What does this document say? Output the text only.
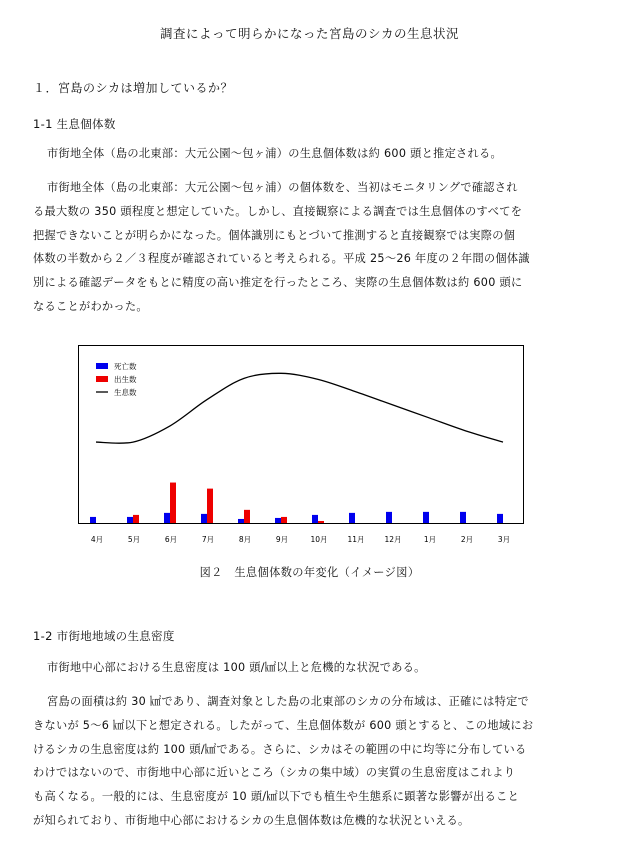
調査によって明らかになった宮島のシカの生息状況
１．宮島のシカは増加しているか？
1-1 生息個体数
市街地全体（島の北東部：大元公園〜包ヶ浦）の生息個体数は約 600 頭と推定される。
市街地全体（島の北東部：大元公園〜包ヶ浦）の個体数を、当初はモニタリングで確認され
る最大数の 350 頭程度と想定していた。しかし、直接観察による調査では生息個体のすべてを
把握できないことが明らかになった。個体識別にもとづいて推測すると直接観察では実際の個
体数の半数から２／３程度が確認されていると考えられる。平成 25〜26 年度の２年間の個体識
別による確認データをもとに精度の高い推定を行ったところ、実際の生息個体数は約 600 頭に
なることがわかった。
4月	5月	6月	7月	8月	9月	10月	11月	12月	1月	2月	3月
死亡数
出生数
生息数
図２　生息個体数の年変化（イメージ図）
1-2 市街地地域の生息密度
市街地中心部における生息密度は 100 頭/㎢以上と危機的な状況である。
宮島の面積は約 30 ㎢であり、調査対象とした島の北東部のシカの分布域は、正確には特定で
きないが 5〜6 ㎢以下と想定される。したがって、生息個体数が 600 頭とすると、この地域にお
けるシカの生息密度は約 100 頭/㎢である。さらに、シカはその範囲の中に均等に分布している
わけではないので、市街地中心部に近いところ（シカの集中域）の実質の生息密度はこれより
も高くなる。一般的には、生息密度が 10 頭/㎢以下でも植生や生態系に顕著な影響が出ること
が知られており、市街地中心部におけるシカの生息個体数は危機的な状況といえる。
